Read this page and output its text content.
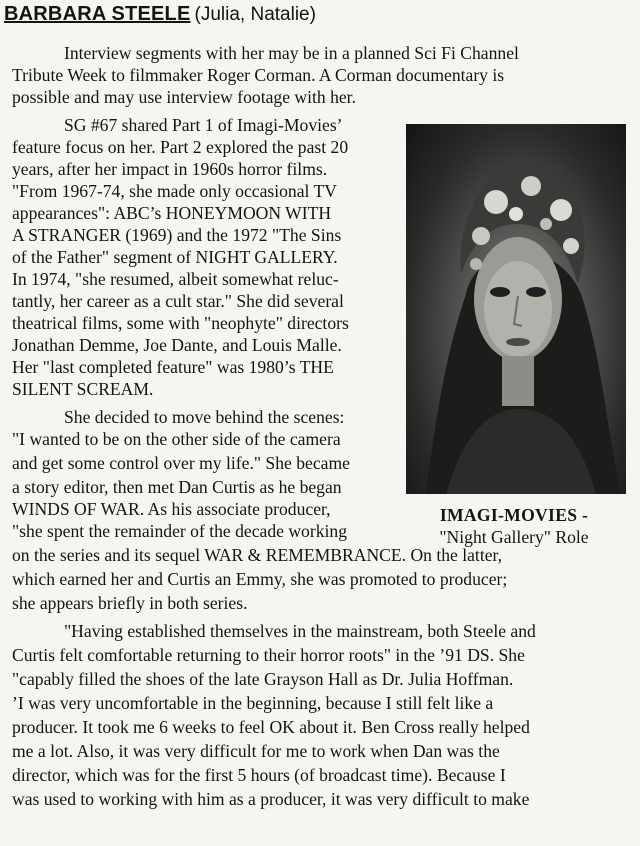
BARBARA STEELE (Julia, Natalie)
Interview segments with her may be in a planned Sci Fi Channel
Tribute Week to filmmaker Roger Corman. A Corman documentary is
possible and may use interview footage with her.
SG #67 shared Part 1 of Imagi-Movies’
feature focus on her. Part 2 explored the past 20
years, after her impact in 1960s horror films.
"From 1967-74, she made only occasional TV
appearances": ABC’s HONEYMOON WITH
A STRANGER (1969) and the 1972 "The Sins
of the Father" segment of NIGHT GALLERY.
In 1974, "she resumed, albeit somewhat reluc-
tantly, her career as a cult star." She did several
theatrical films, some with "neophyte" directors
Jonathan Demme, Joe Dante, and Louis Malle.
Her "last completed feature" was 1980’s THE
SILENT SCREAM.
She decided to move behind the scenes:
"I wanted to be on the other side of the camera
and get some control over my life." She became
a story editor, then met Dan Curtis as he began
WINDS OF WAR. As his associate producer,
"she spent the remainder of the decade working
on the series and its sequel WAR & REMEMBRANCE. On the latter,
which earned her and Curtis an Emmy, she was promoted to producer;
she appears briefly in both series.
"Having established themselves in the mainstream, both Steele and
Curtis felt comfortable returning to their horror roots" in the ’91 DS. She
"capably filled the shoes of the late Grayson Hall as Dr. Julia Hoffman.
’I was very uncomfortable in the beginning, because I still felt like a
producer. It took me 6 weeks to feel OK about it. Ben Cross really helped
me a lot. Also, it was very difficult for me to work when Dan was the
director, which was for the first 5 hours (of broadcast time). Because I
was used to working with him as a producer, it was very difficult to make
IMAGI-MOVIES -
"Night Gallery" Role
